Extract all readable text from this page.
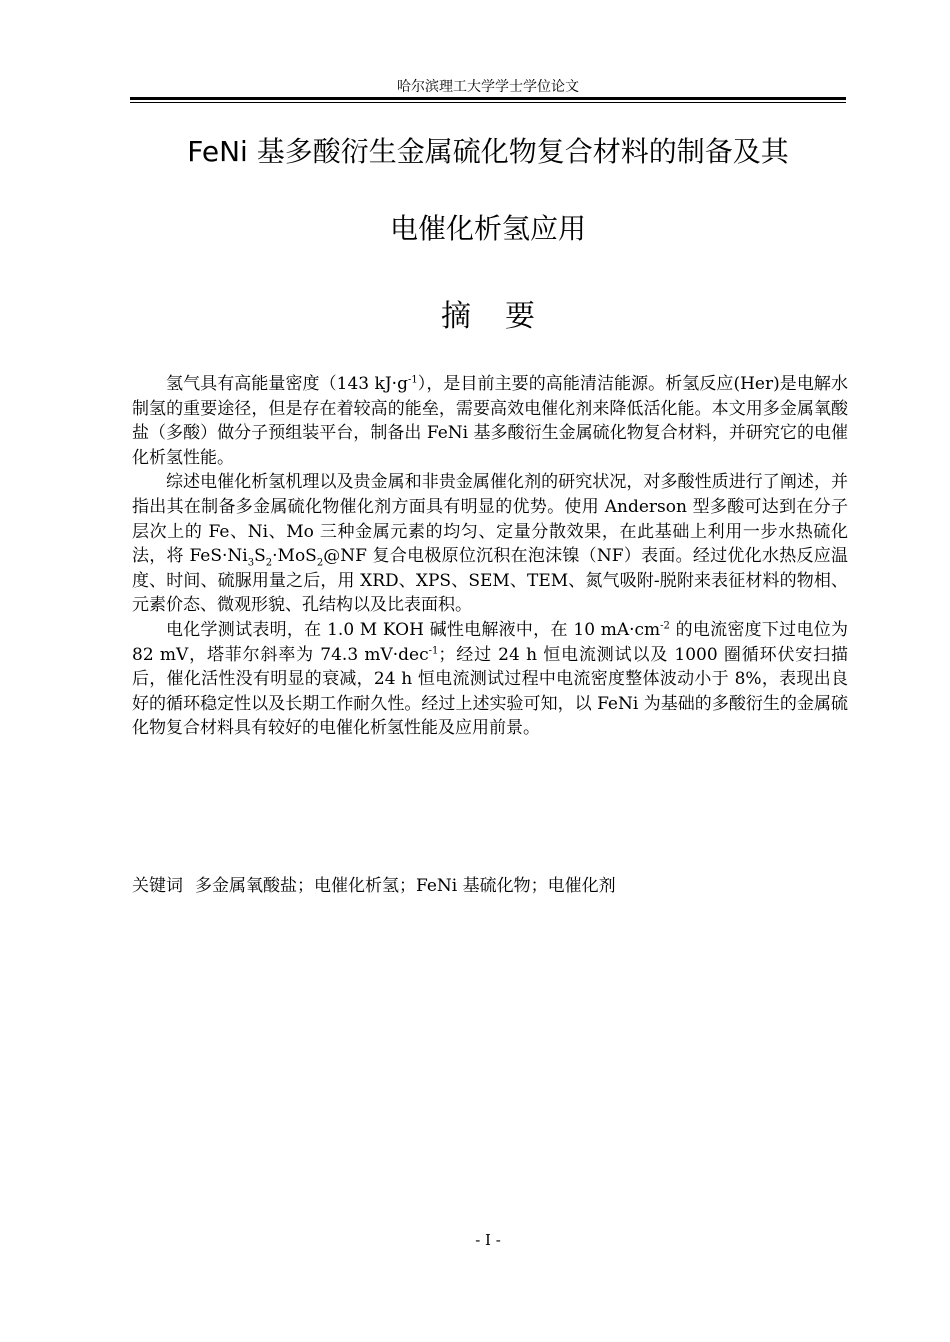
哈尔滨理工大学学士学位论文
FeNi 基多酸衍生金属硫化物复合材料的制备及其
电催化析氢应用
摘要

氢气具有高能量密度（143 $kJ\cdot g^{-1}$），是目前主要的高能清洁能源。析氢反应(Her)是电解水制氢的重要途径，但是存在着较高的能垒，需要高效电催化剂来降低活化能。本文用多金属氧酸盐（多酸）做分子预组装平台，制备出 FeNi 基多酸衍生金属硫化物复合材料，并研究它的电催化析氢性能。

综述电催化析氢机理以及贵金属和非贵金属催化剂的研究状况，对多酸性质进行了阐述，并指出其在制备多金属硫化物催化剂方面具有明显的优势。使用 Anderson 型多酸可达到在分子层次上的 Fe、Ni、Mo 三种金属元素的均匀、定量分散效果，在此基础上利用一步水热硫化法，将 $FeS\cdot Ni_3S_2\cdot MoS_2@NF$ 复合电极原位沉积在泡沫镍（NF）表面。经过优化水热反应温度、时间、硫脲用量之后，用 XRD、XPS、SEM、TEM、氮气吸附-脱附来表征材料的物相、元素价态、微观形貌、孔结构以及比表面积。

电化学测试表明，在 1.0 M KOH 碱性电解液中，在 10 $mA\cdot cm^{-2}$ 的电流密度下过电位为 82 mV，塔菲尔斜率为 74.3 mV·dec$^{-1}$；经过 24 h 恒电流测试以及 1000 圈循环伏安扫描后，催化活性没有明显的衰减，24 h 恒电流测试过程中电流密度整体波动小于 8%，表现出良好的循环稳定性以及长期工作耐久性。经过上述实验可知，以 FeNi 为基础的多酸衍生的金属硫化物复合材料具有较好的电催化析氢性能及应用前景。

关键词 多金属氧酸盐；电催化析氢；FeNi 基硫化物；电催化剂
- I -
